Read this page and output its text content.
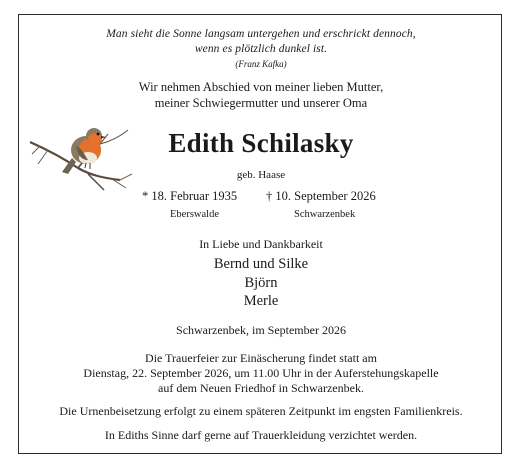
Man sieht die Sonne langsam untergehen und erschrickt dennoch,
wenn es plötzlich dunkel ist.
(Franz Kafka)
Wir nehmen Abschied von meiner lieben Mutter,
meiner Schwiegermutter und unserer Oma
Edith Schilasky
geb. Haase
* 18. Februar 1935 † 10. September 2026
Eberswalde	Schwarzenbek
In Liebe und Dankbarkeit
Bernd und Silke
Björn
Merle
Schwarzenbek, im September 2026
Die Trauerfeier zur Einäscherung findet statt am
Dienstag, 22. September 2026, um 11.00 Uhr in der Auferstehungskapelle
auf dem Neuen Friedhof in Schwarzenbek.
Die Urnenbeisetzung erfolgt zu einem späteren Zeitpunkt im engsten Familienkreis.
In Ediths Sinne darf gerne auf Trauerkleidung verzichtet werden.
